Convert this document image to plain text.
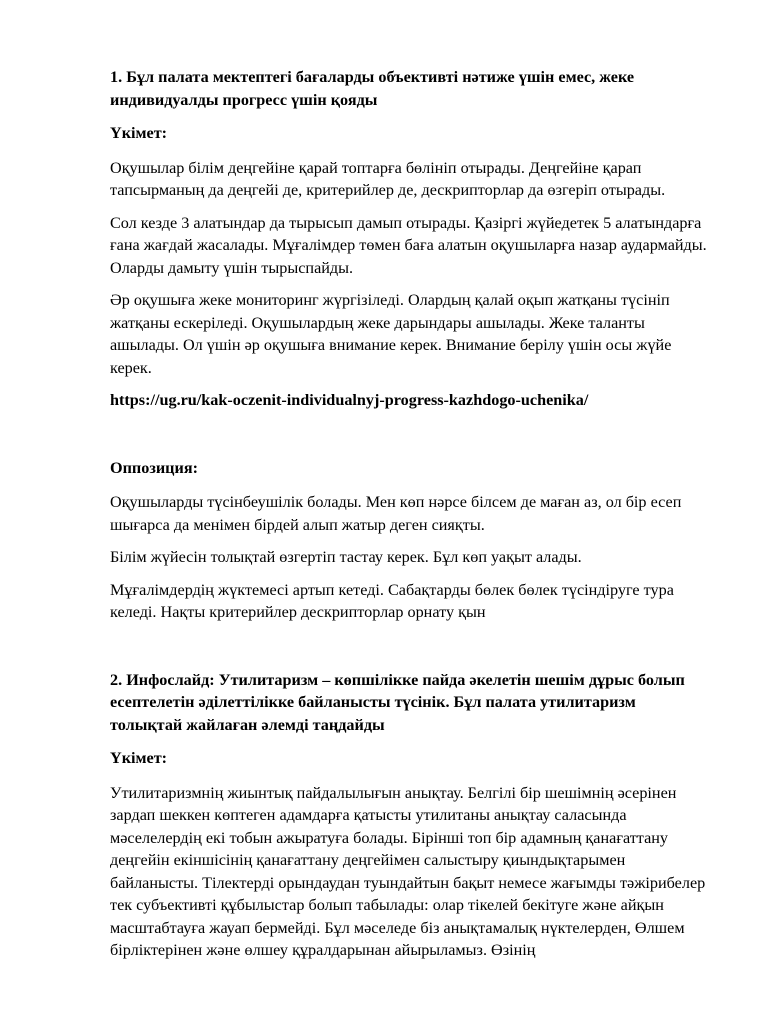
1. Бұл палата мектептегі бағаларды объективті нәтиже үшін емес, жеке индивидуалды прогресс үшін қояды

Үкімет:

Оқушылар білім деңгейіне қарай топтарға бөлініп отырады. Деңгейіне қарап тапсырманың да деңгейі де, критерийлер де, дескрипторлар да өзгеріп отырады.

Сол кезде 3 алатындар да тырысып дамып отырады. Қазіргі жүйедетек 5 алатындарға ғана жағдай жасалады. Мұғалімдер төмен баға алатын оқушыларға назар аудармайды. Оларды дамыту үшін тырыспайды.

Әр оқушыға жеке мониторинг жүргізіледі. Олардың қалай оқып жатқаны түсініп жатқаны ескеріледі. Оқушылардың жеке дарындары ашылады. Жеке таланты ашылады. Ол үшін әр оқушыға внимание керек. Внимание берілу үшін осы жүйе керек.

https://ug.ru/kak-oczenit-individualnyj-progress-kazhdogo-uchenika/

Оппозиция:

Оқушыларды түсінбеушілік болады. Мен көп нәрсе білсем де маған аз, ол бір есеп шығарса да менімен бірдей алып жатыр деген сияқты.

Білім жүйесін толықтай өзгертіп тастау керек. Бұл көп уақыт алады.

Мұғалімдердің жүктемесі артып кетеді. Сабақтарды бөлек бөлек түсіндіруге тура келеді. Нақты критерийлер дескрипторлар орнату қын

2. Инфослайд: Утилитаризм – көпшілікке пайда әкелетін шешім дұрыс болып есептелетін әділеттілікке байланысты түсінік. Бұл палата утилитаризм толықтай жайлаған әлемді таңдайды

Үкімет:

Утилитаризмнің жиынтық пайдалылығын анықтау. Белгілі бір шешімнің әсерінен зардап шеккен көптеген адамдарға қатысты утилитаны анықтау саласында мәселелердің екі тобын ажыратуға болады. Бірінші топ бір адамның қанағаттану деңгейін екіншісінің қанағаттану деңгейімен салыстыру қиындықтарымен байланысты. Тілектерді орындаудан туындайтын бақыт немесе жағымды тәжірибелер тек субъективті құбылыстар болып табылады: олар тікелей бекітуге және айқын масштабтауға жауап бермейді. Бұл мәселеде біз анықтамалық нүктелерден, Өлшем бірліктерінен және өлшеу құралдарынан айырыламыз. Өзінің
